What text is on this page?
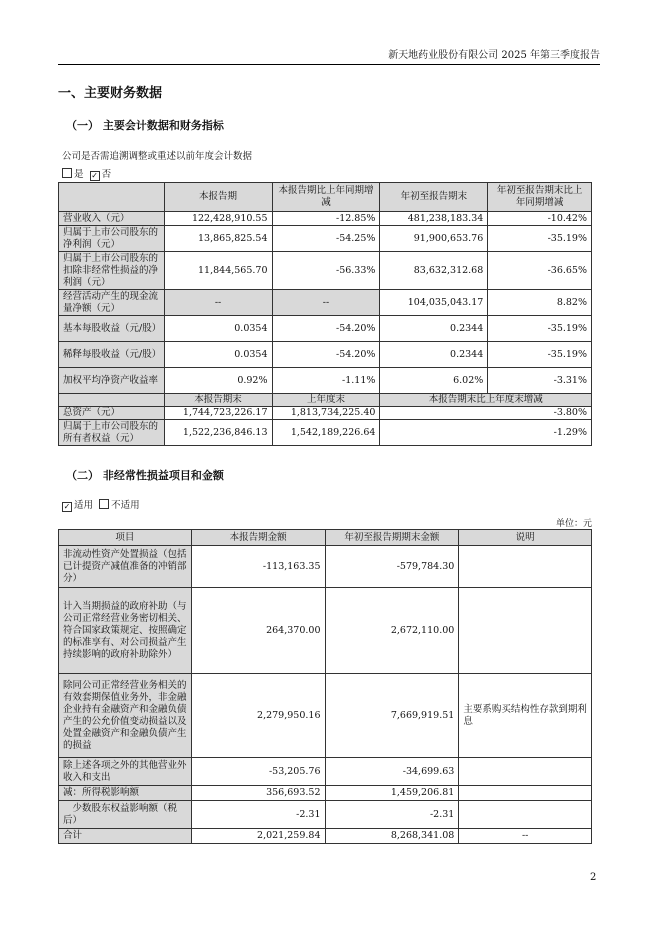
新天地药业股份有限公司 2025 年第三季度报告
一、主要财务数据
（一） 主要会计数据和财务指标
公司是否需追溯调整或重述以前年度会计数据
是 ✓ 否
	本报告期	本报告期比上年同期增减	年初至报告期末	年初至报告期末比上年同期增减
营业收入（元）	122,428,910.55	-12.85%	481,238,183.34	-10.42%
归属于上市公司股东的净利润（元）	13,865,825.54	-54.25%	91,900,653.76	-35.19%
归属于上市公司股东的扣除非经常性损益的净利润（元）	11,844,565.70	-56.33%	83,632,312.68	-36.65%
经营活动产生的现金流量净额（元）	--	--	104,035,043.17	8.82%
基本每股收益（元/股）	0.0354	-54.20%	0.2344	-35.19%
稀释每股收益（元/股）	0.0354	-54.20%	0.2344	-35.19%
加权平均净资产收益率	0.92%	-1.11%	6.02%	-3.31%
	本报告期末	上年度末	本报告期末比上年度末增减	
总资产（元）	1,744,723,226.17	1,813,734,225.40	-3.80%	
归属于上市公司股东的所有者权益（元）	1,522,236,846.13	1,542,189,226.64	-1.29%	
（二） 非经常性损益项目和金额
✓ 适用 不适用
单位：元
项目	本报告期金额	年初至报告期期末金额	说明
非流动性资产处置损益（包括已计提资产减值准备的冲销部分）	-113,163.35	-579,784.30	
计入当期损益的政府补助（与公司正常经营业务密切相关、符合国家政策规定、按照确定的标准享有、对公司损益产生持续影响的政府补助除外）	264,370.00	2,672,110.00	
除同公司正常经营业务相关的有效套期保值业务外，非金融企业持有金融资产和金融负债产生的公允价值变动损益以及处置金融资产和金融负债产生的损益	2,279,950.16	7,669,919.51	主要系购买结构性存款到期利息
除上述各项之外的其他营业外收入和支出	-53,205.76	-34,699.63	
减：所得税影响额	356,693.52	1,459,206.81	
　少数股东权益影响额（税后）	-2.31	-2.31	
合计	2,021,259.84	8,268,341.08	--
2
